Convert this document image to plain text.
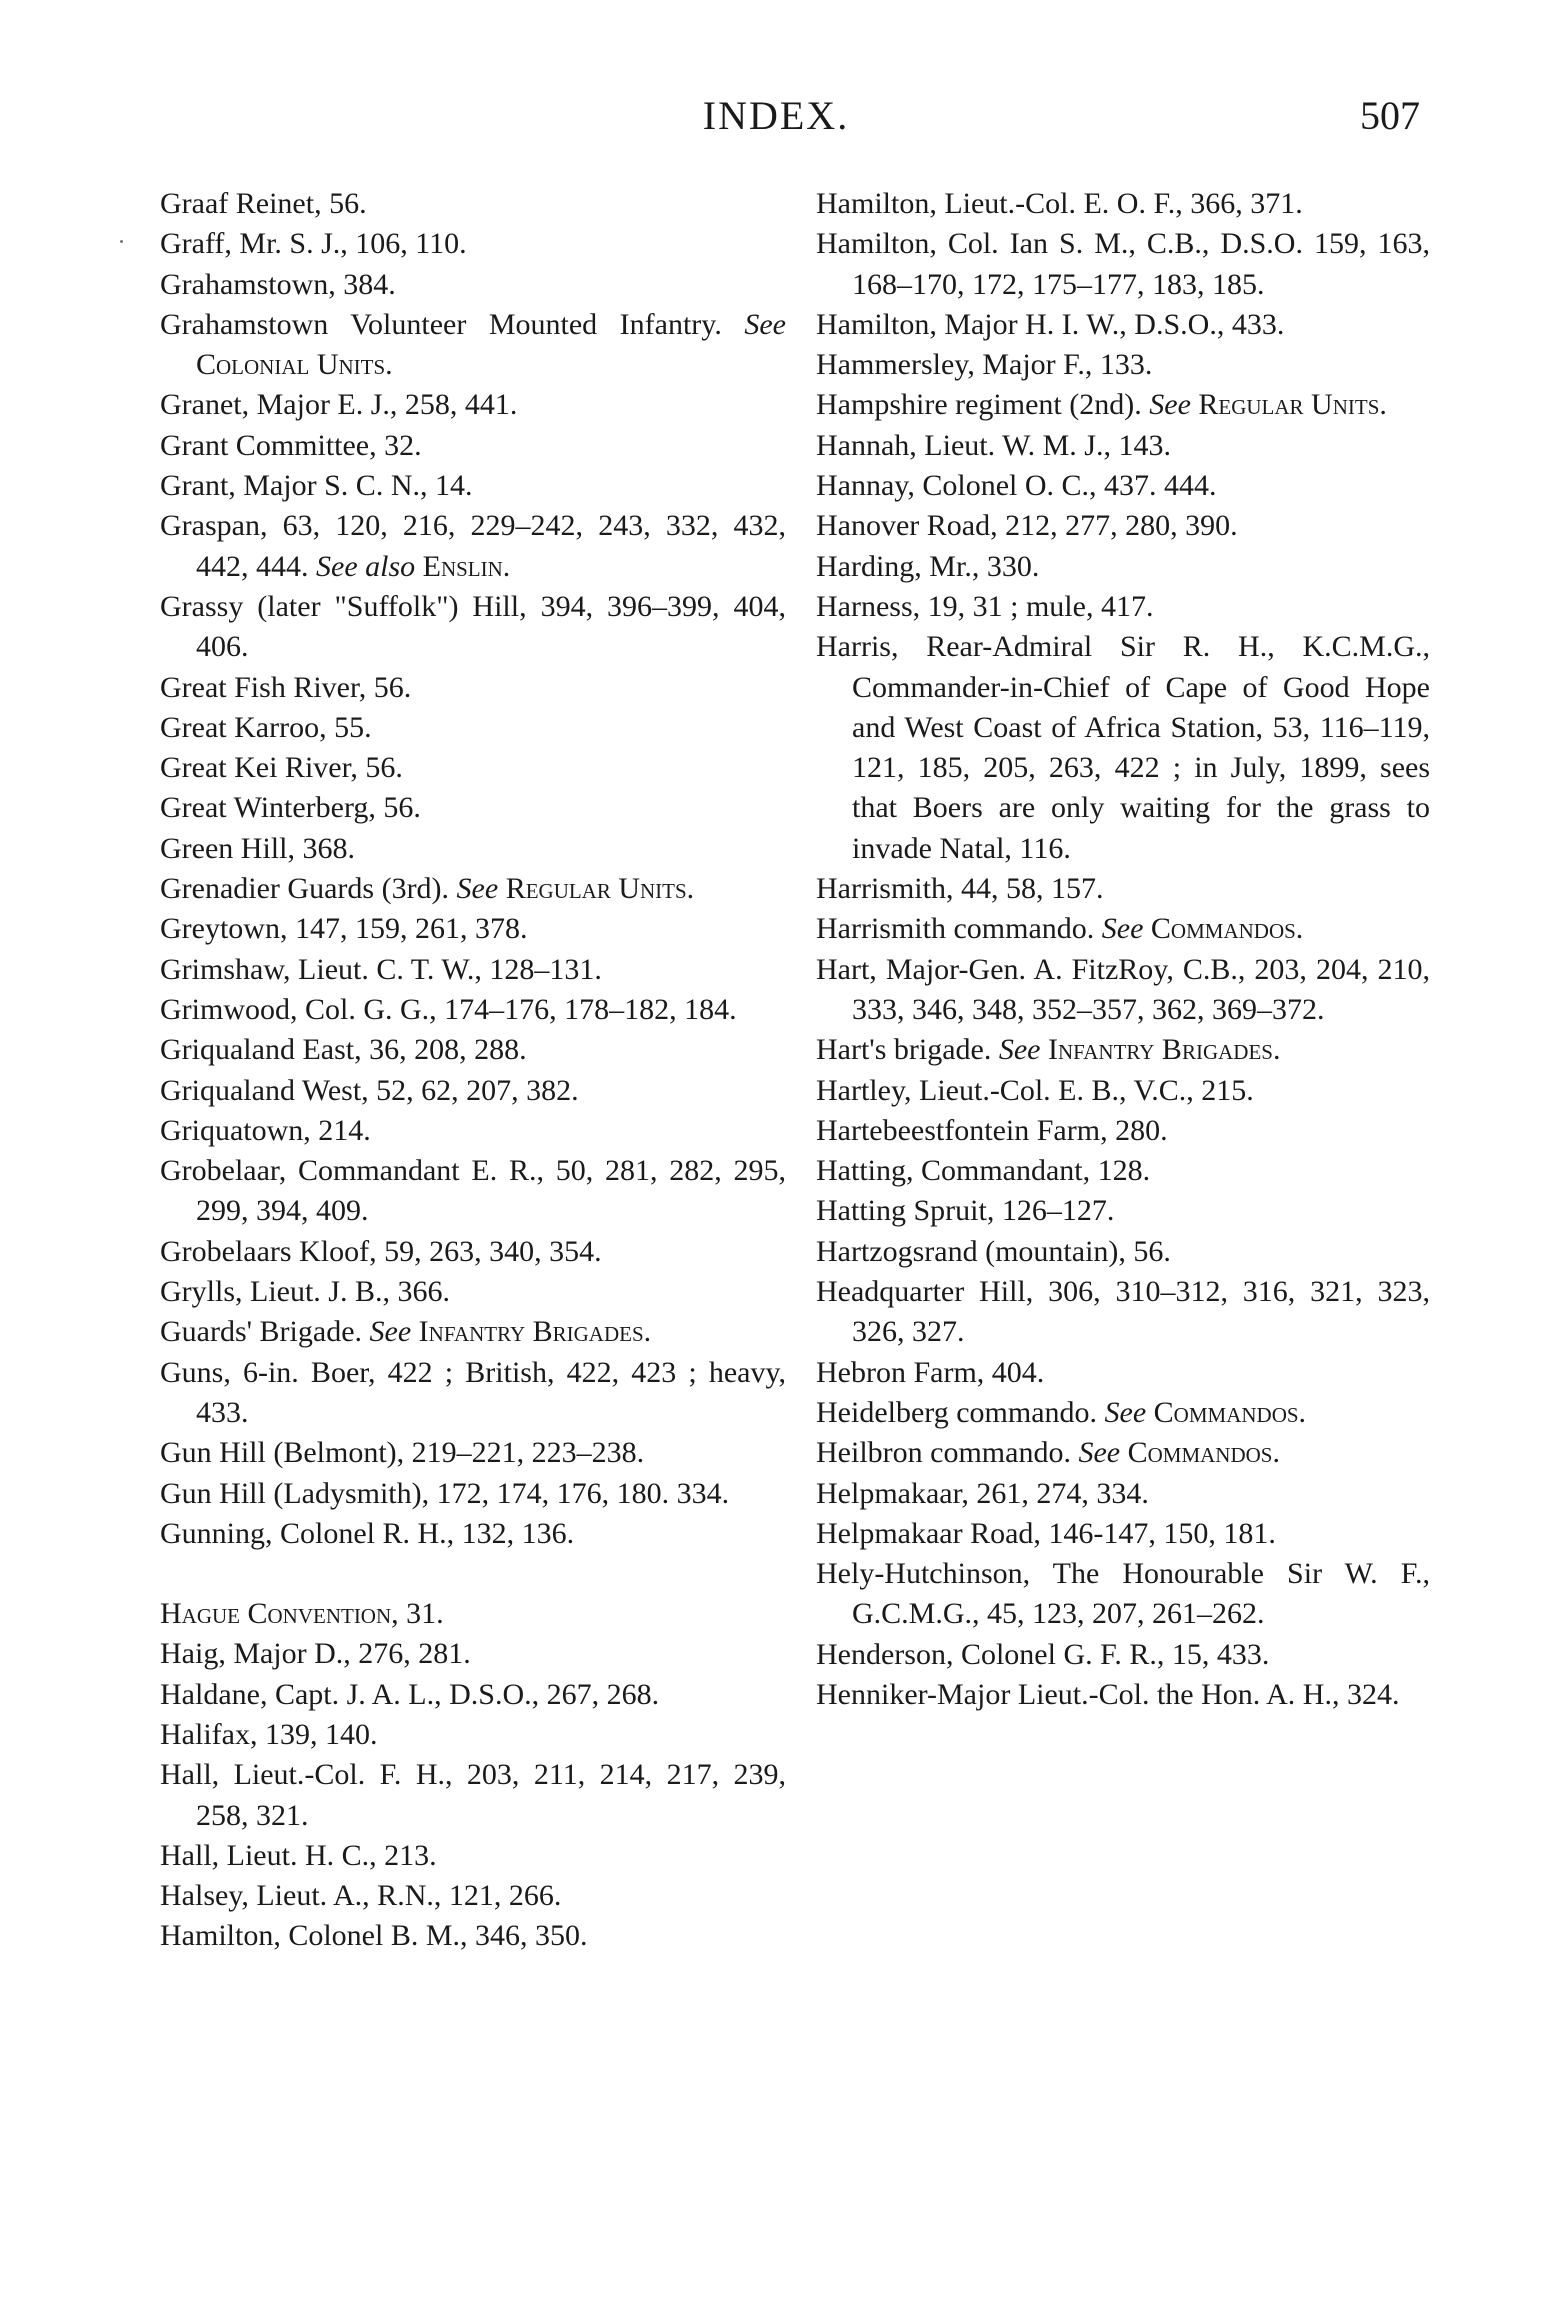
INDEX.	507

Graaf Reinet, 56.

Graff, Mr. S. J., 106, 110.

Grahamstown, 384.

Grahamstown Volunteer Mounted Infantry. See Colonial Units.

Granet, Major E. J., 258, 441.

Grant Committee, 32.

Grant, Major S. C. N., 14.

Graspan, 63, 120, 216, 229–242, 243, 332, 432, 442, 444. See also Enslin.

Grassy (later "Suffolk") Hill, 394, 396–399, 404, 406.

Great Fish River, 56.

Great Karroo, 55.

Great Kei River, 56.

Great Winterberg, 56.

Green Hill, 368.

Grenadier Guards (3rd). See Regular Units.

Greytown, 147, 159, 261, 378.

Grimshaw, Lieut. C. T. W., 128–131.

Grimwood, Col. G. G., 174–176, 178–182, 184.

Griqualand East, 36, 208, 288.

Griqualand West, 52, 62, 207, 382.

Griquatown, 214.

Grobelaar, Commandant E. R., 50, 281, 282, 295, 299, 394, 409.

Grobelaars Kloof, 59, 263, 340, 354.

Grylls, Lieut. J. B., 366.

Guards' Brigade. See Infantry Brigades.

Guns, 6-in. Boer, 422 ; British, 422, 423 ; heavy, 433.

Gun Hill (Belmont), 219–221, 223–238.

Gun Hill (Ladysmith), 172, 174, 176, 180. 334.

Gunning, Colonel R. H., 132, 136.

Hague Convention, 31.

Haig, Major D., 276, 281.

Haldane, Capt. J. A. L., D.S.O., 267, 268.

Halifax, 139, 140.

Hall, Lieut.-Col. F. H., 203, 211, 214, 217, 239, 258, 321.

Hall, Lieut. H. C., 213.

Halsey, Lieut. A., R.N., 121, 266.

Hamilton, Colonel B. M., 346, 350.

Hamilton, Lieut.-Col. E. O. F., 366, 371.

Hamilton, Col. Ian S. M., C.B., D.S.O. 159, 163, 168–170, 172, 175–177, 183, 185.

Hamilton, Major H. I. W., D.S.O., 433.

Hammersley, Major F., 133.

Hampshire regiment (2nd). See Regular Units.

Hannah, Lieut. W. M. J., 143.

Hannay, Colonel O. C., 437. 444.

Hanover Road, 212, 277, 280, 390.

Harding, Mr., 330.

Harness, 19, 31 ; mule, 417.

Harris, Rear-Admiral Sir R. H., K.C.M.G., Commander-in-Chief of Cape of Good Hope and West Coast of Africa Station, 53, 116–119, 121, 185, 205, 263, 422 ; in July, 1899, sees that Boers are only waiting for the grass to invade Natal, 116.

Harrismith, 44, 58, 157.

Harrismith commando. See Commandos.

Hart, Major-Gen. A. FitzRoy, C.B., 203, 204, 210, 333, 346, 348, 352–357, 362, 369–372.

Hart's brigade. See Infantry Brigades.

Hartley, Lieut.-Col. E. B., V.C., 215.

Hartebeestfontein Farm, 280.

Hatting, Commandant, 128.

Hatting Spruit, 126–127.

Hartzogsrand (mountain), 56.

Headquarter Hill, 306, 310–312, 316, 321, 323, 326, 327.

Hebron Farm, 404.

Heidelberg commando. See Commandos.

Heilbron commando. See Commandos.

Helpmakaar, 261, 274, 334.

Helpmakaar Road, 146-147, 150, 181.

Hely-Hutchinson, The Honourable Sir W. F., G.C.M.G., 45, 123, 207, 261–262.

Henderson, Colonel G. F. R., 15, 433.

Henniker-Major Lieut.-Col. the Hon. A. H., 324.
